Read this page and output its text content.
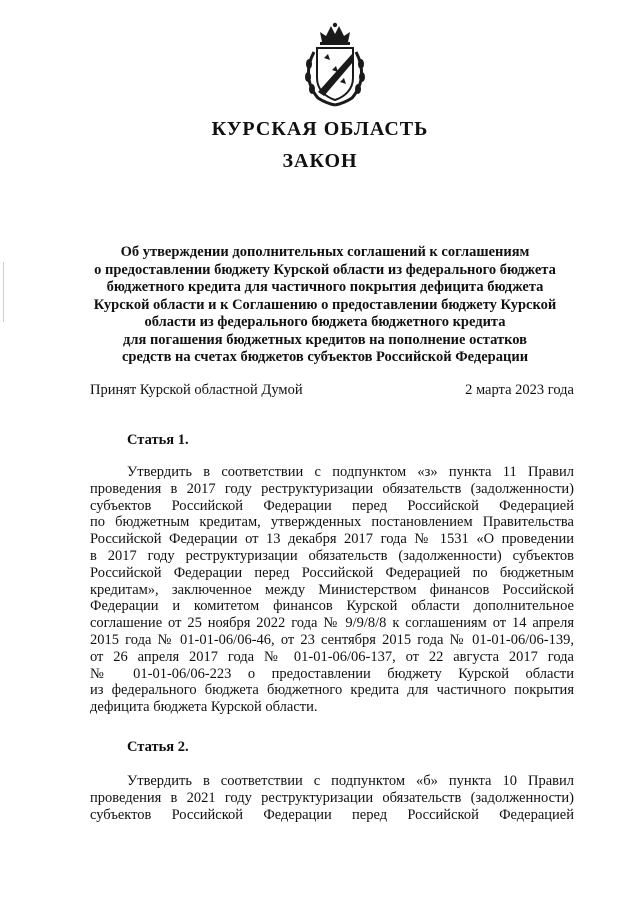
КУРСКАЯ ОБЛАСТЬ
ЗАКОН
Об утверждении дополнительных соглашений к соглашениям
о предоставлении бюджету Курской области из федерального бюджета
бюджетного кредита для частичного покрытия дефицита бюджета
Курской области и к Соглашению о предоставлении бюджету Курской
области из федерального бюджета бюджетного кредита
для погашения бюджетных кредитов на пополнение остатков
средств на счетах бюджетов субъектов Российской Федерации
Принят Курской областной Думой	2 марта 2023 года
Статья 1.
Утвердить в соответствии с подпунктом «з» пункта 11 Правил
проведения в 2017 году реструктуризации обязательств (задолженности)
субъектов Российской Федерации перед Российской Федерацией
по бюджетным кредитам, утвержденных постановлением Правительства
Российской Федерации от 13 декабря 2017 года № 1531 «О проведении
в 2017 году реструктуризации обязательств (задолженности) субъектов
Российской Федерации перед Российской Федерацией по бюджетным
кредитам», заключенное между Министерством финансов Российской
Федерации и комитетом финансов Курской области дополнительное
соглашение от 25 ноября 2022 года № 9/9/8/8 к соглашениям от 14 апреля
2015 года № 01-01-06/06-46, от 23 сентября 2015 года № 01-01-06/06-139,
от 26 апреля 2017 года № 01-01-06/06-137, от 22 августа 2017 года
№ 01-01-06/06-223 о предоставлении бюджету Курской области
из федерального бюджета бюджетного кредита для частичного покрытия
дефицита бюджета Курской области.
Статья 2.
Утвердить в соответствии с подпунктом «б» пункта 10 Правил
проведения в 2021 году реструктуризации обязательств (задолженности)
субъектов Российской Федерации перед Российской Федерацией
